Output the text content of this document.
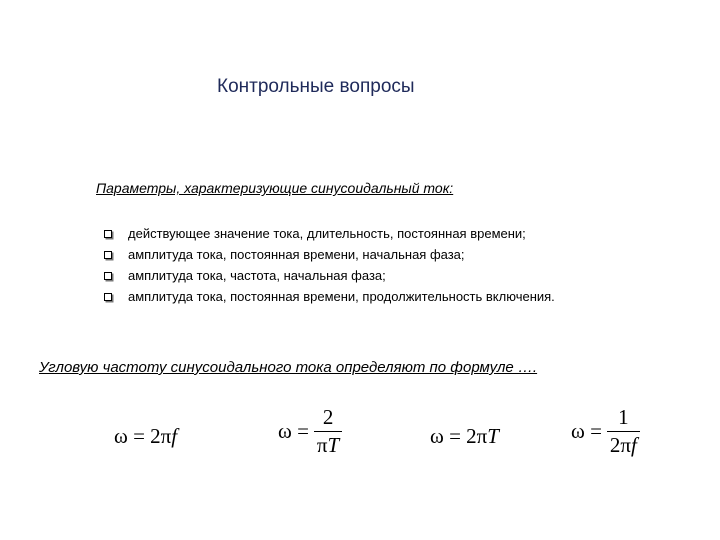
Контрольные вопросы

Параметры, характеризующие синусоидальный ток:

действующее значение тока, длительность, постоянная времени;
амплитуда тока, постоянная времени, начальная фаза;
амплитуда тока, частота, начальная фаза;
амплитуда тока, постоянная времени, продолжительность включения.

Угловую частоту синусоидального тока определяют по формуле ….

ω = 2π f	$\omega = \frac{2}{\pi T}$	ω = 2π T	$\omega = \frac{1}{2\pi f}$
